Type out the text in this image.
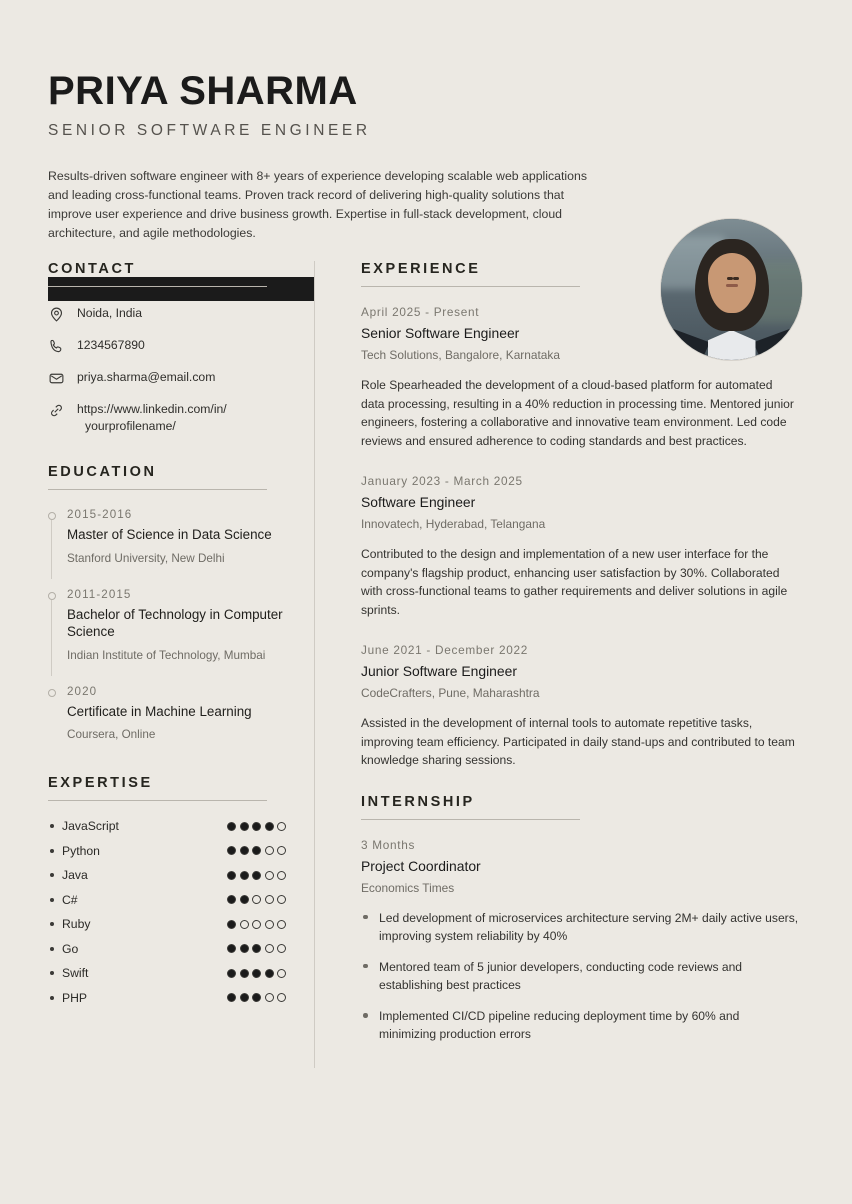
PRIYA SHARMA
SENIOR SOFTWARE ENGINEER
Results-driven software engineer with 8+ years of experience developing scalable web applications and leading cross-functional teams. Proven track record of delivering high-quality solutions that improve user experience and drive business growth. Expertise in full-stack development, cloud architecture, and agile methodologies.
CONTACT
Noida, India
1234567890
priya.sharma@email.com
https://www.linkedin.com/in/
yourprofilename/
EDUCATION
2015-2016
Master of Science in Data Science
Stanford University, New Delhi
2011-2015
Bachelor of Technology in Computer Science
Indian Institute of Technology, Mumbai
2020
Certificate in Machine Learning
Coursera, Online
EXPERTISE
JavaScript
Python
Java
C#
Ruby
Go
Swift
PHP
EXPERIENCE
April 2025 - Present
Senior Software Engineer
Tech Solutions, Bangalore, Karnataka
Role Spearheaded the development of a cloud-based platform for automated data processing, resulting in a 40% reduction in processing time. Mentored junior engineers, fostering a collaborative and innovative team environment. Led code reviews and ensured adherence to coding standards and best practices.
January 2023 - March 2025
Software Engineer
Innovatech, Hyderabad, Telangana
Contributed to the design and implementation of a new user interface for the company's flagship product, enhancing user satisfaction by 30%. Collaborated with cross-functional teams to gather requirements and deliver solutions in agile sprints.
June 2021 - December 2022
Junior Software Engineer
CodeCrafters, Pune, Maharashtra
Assisted in the development of internal tools to automate repetitive tasks, improving team efficiency. Participated in daily stand-ups and contributed to team knowledge sharing sessions.
INTERNSHIP
3 Months
Project Coordinator
Economics Times
Led development of microservices architecture serving 2M+ daily active users, improving system reliability by 40%
Mentored team of 5 junior developers, conducting code reviews and establishing best practices
Implemented CI/CD pipeline reducing deployment time by 60% and minimizing production errors
